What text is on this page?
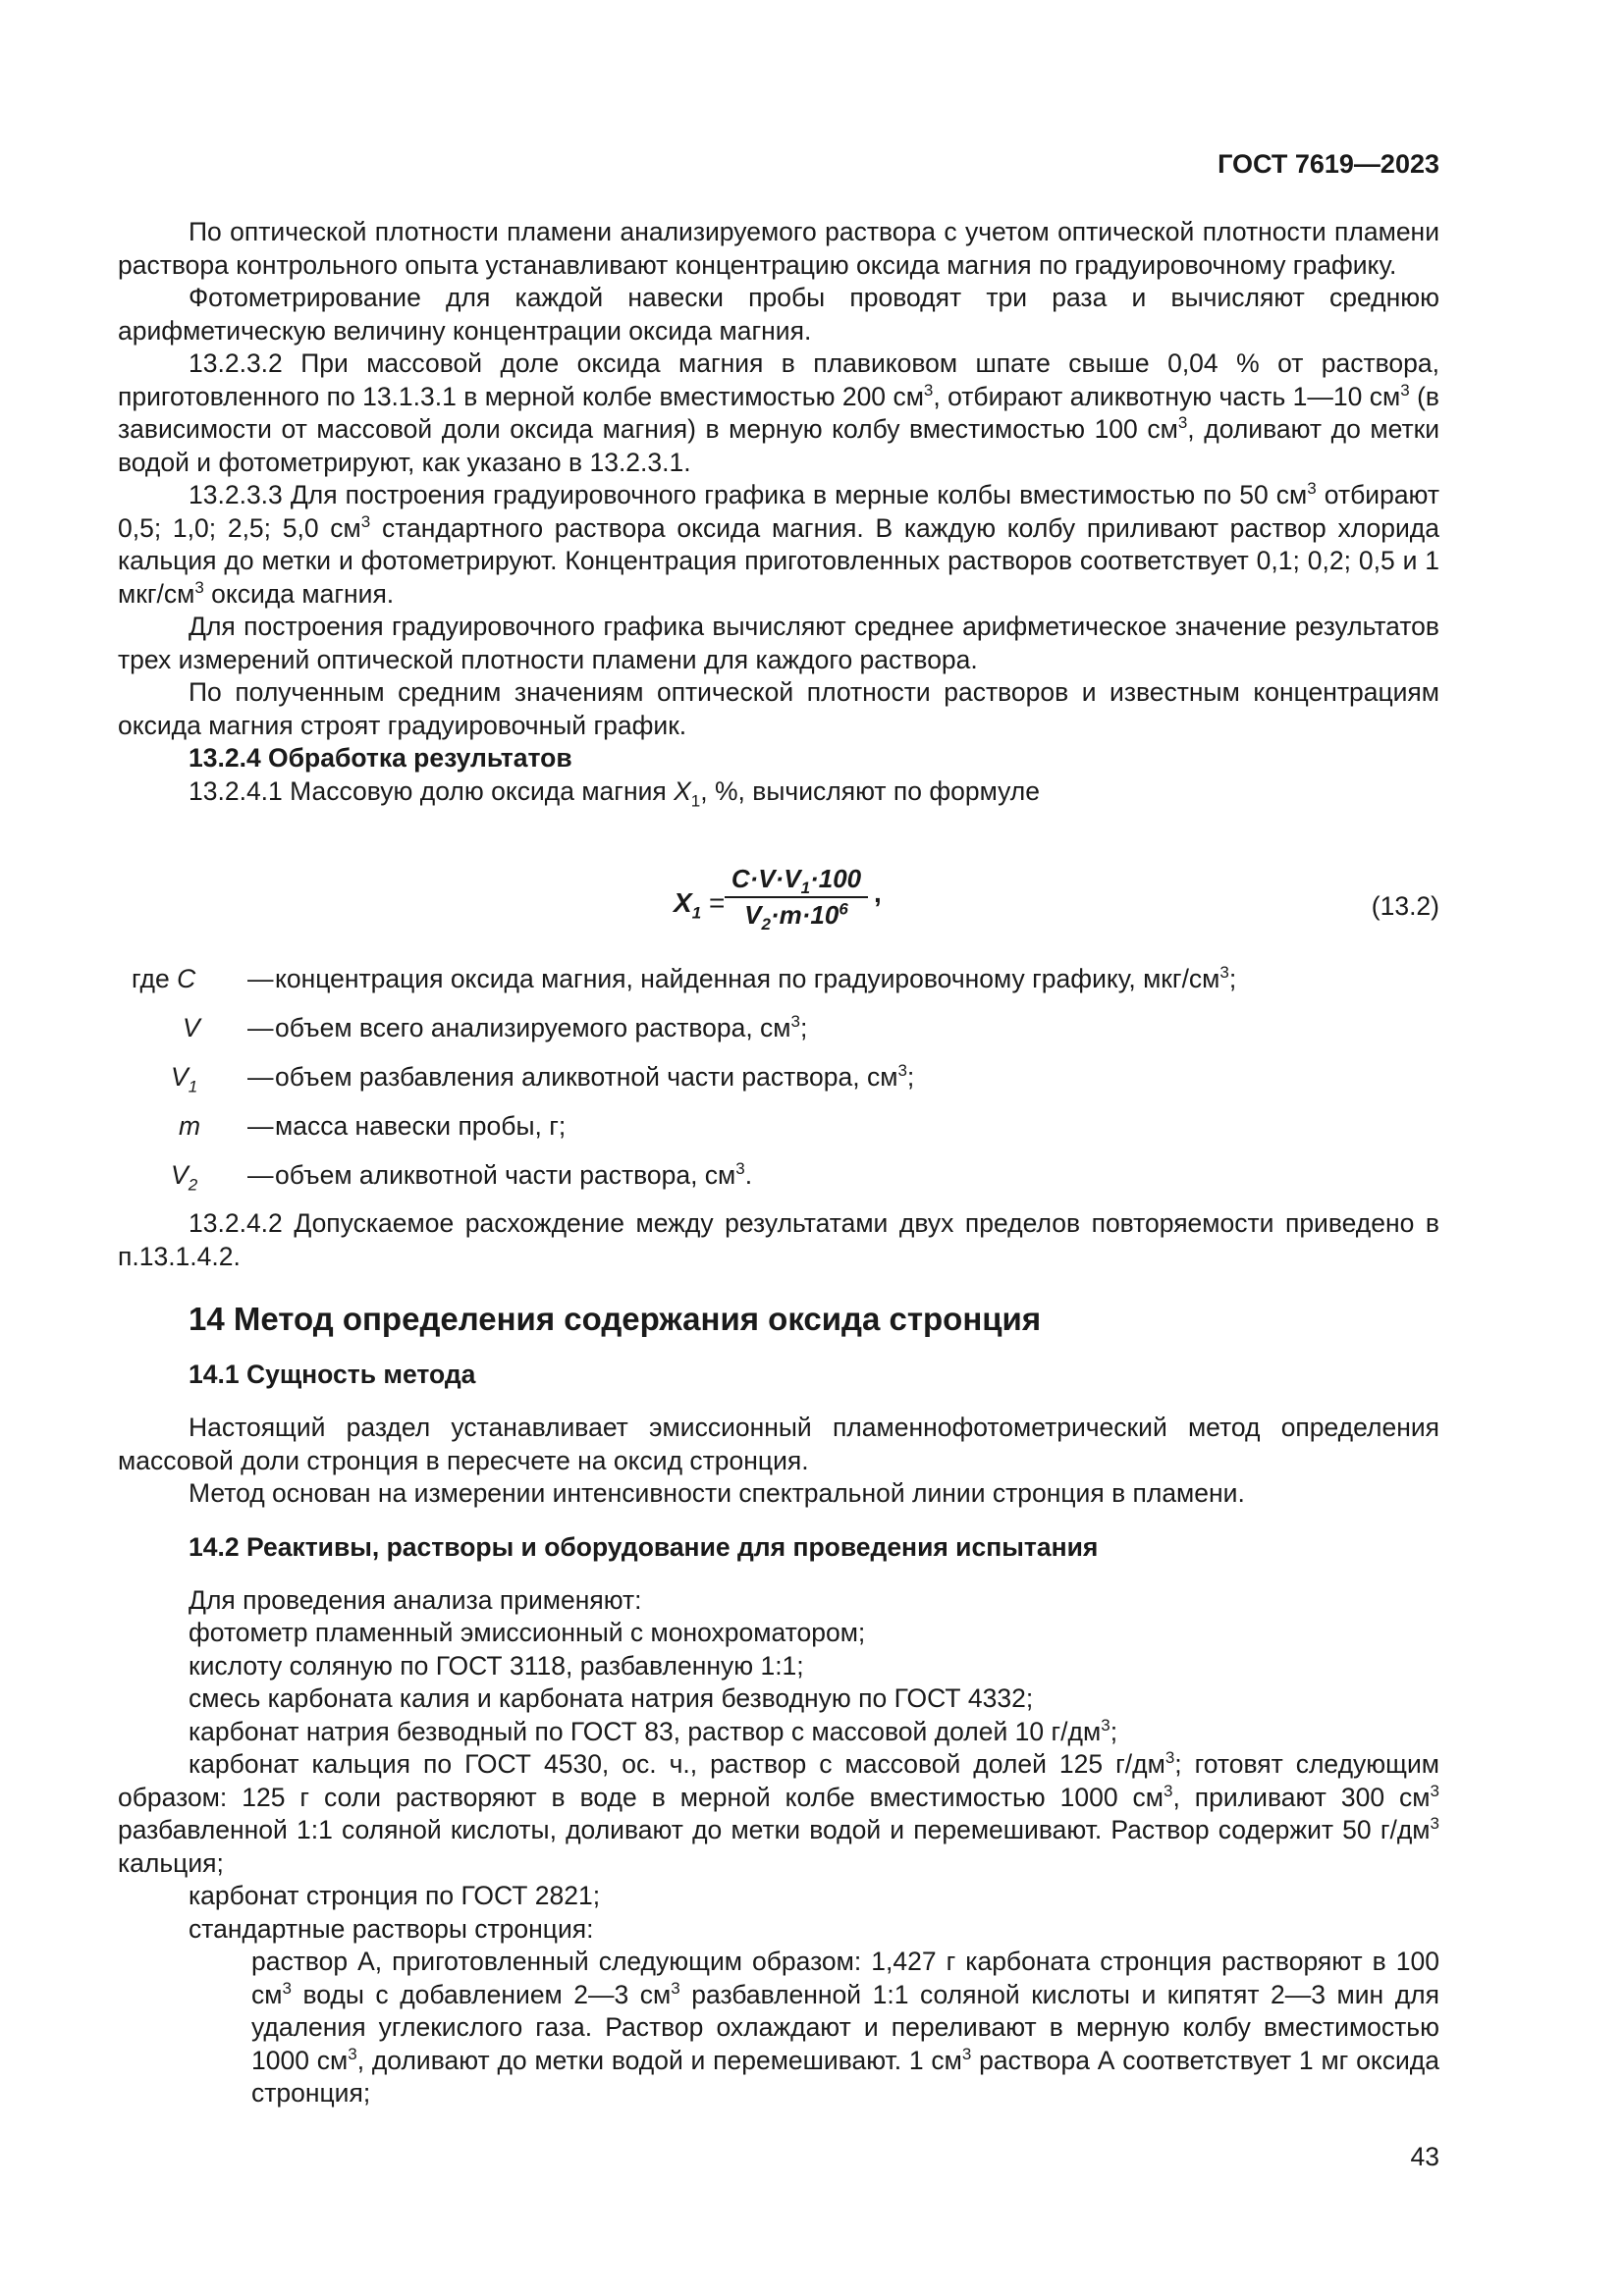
ГОСТ 7619—2023

По оптической плотности пламени анализируемого раствора с учетом оптической плотности пламени раствора контрольного опыта устанавливают концентрацию оксида магния по градуировочному графику.

Фотометрирование для каждой навески пробы проводят три раза и вычисляют среднюю арифметическую величину концентрации оксида магния.

13.2.3.2 При массовой доле оксида магния в плавиковом шпате свыше 0,04 % от раствора, приготовленного по 13.1.3.1 в мерной колбе вместимостью 200 $см^3$, отбирают аликвотную часть 1—10 $см^3$ (в зависимости от массовой доли оксида магния) в мерную колбу вместимостью 100 $см^3$, доливают до метки водой и фотометрируют, как указано в 13.2.3.1.

13.2.3.3 Для построения градуировочного графика в мерные колбы вместимостью по 50 $см^3$ отбирают 0,5; 1,0; 2,5; 5,0 $см^3$ стандартного раствора оксида магния. В каждую колбу приливают раствор хлорида кальция до метки и фотометрируют. Концентрация приготовленных растворов соответствует 0,1; 0,2; 0,5 и 1 мкг/$см^3$ оксида магния.

Для построения градуировочного графика вычисляют среднее арифметическое значение результатов трех измерений оптической плотности пламени для каждого раствора.

По полученным средним значениям оптической плотности растворов и известным концентрациям оксида магния строят градуировочный график.

13.2.4 Обработка результатов

13.2.4.1 Массовую долю оксида магния $X_1$, %, вычисляют по формуле

$X_1$ =
$C\cdot V\cdot V_1\cdot 100$
$V_2\cdot m\cdot 10^6$
,	(13.2)
где C — концентрация оксида магния, найденная по градуировочному графику, мкг/$см^3$;
V — объем всего анализируемого раствора, $см^3$;
$V_1$ — объем разбавления аликвотной части раствора, $см^3$;
m — масса навески пробы, г;
$V_2$ — объем аликвотной части раствора, $см^3$.

13.2.4.2 Допускаемое расхождение между результатами двух пределов повторяемости приведено в п.13.1.4.2.

14 Метод определения содержания оксида стронция

14.1 Сущность метода

Настоящий раздел устанавливает эмиссионный пламеннофотометрический метод определения массовой доли стронция в пересчете на оксид стронция.

Метод основан на измерении интенсивности спектральной линии стронция в пламени.

14.2 Реактивы, растворы и оборудование для проведения испытания

Для проведения анализа применяют:

фотометр пламенный эмиссионный с монохроматором;

кислоту соляную по ГОСТ 3118, разбавленную 1:1;

смесь карбоната калия и карбоната натрия безводную по ГОСТ 4332;

карбонат натрия безводный по ГОСТ 83, раствор с массовой долей 10 $г/дм^3$;

карбонат кальция по ГОСТ 4530, ос. ч., раствор с массовой долей 125 $г/дм^3$; готовят следующим образом: 125 г соли растворяют в воде в мерной колбе вместимостью 1000 $см^3$, приливают 300 $см^3$ разбавленной 1:1 соляной кислоты, доливают до метки водой и перемешивают. Раствор содержит 50 $г/дм^3$ кальция;

карбонат стронция по ГОСТ 2821;

стандартные растворы стронция:

раствор А, приготовленный следующим образом: 1,427 г карбоната стронция растворяют в 100 $см^3$ воды с добавлением 2—3 $см^3$ разбавленной 1:1 соляной кислоты и кипятят 2—3 мин для удаления углекислого газа. Раствор охлаждают и переливают в мерную колбу вместимостью 1000 $см^3$, доливают до метки водой и перемешивают. 1 $см^3$ раствора А соответствует 1 мг оксида стронция;

43
